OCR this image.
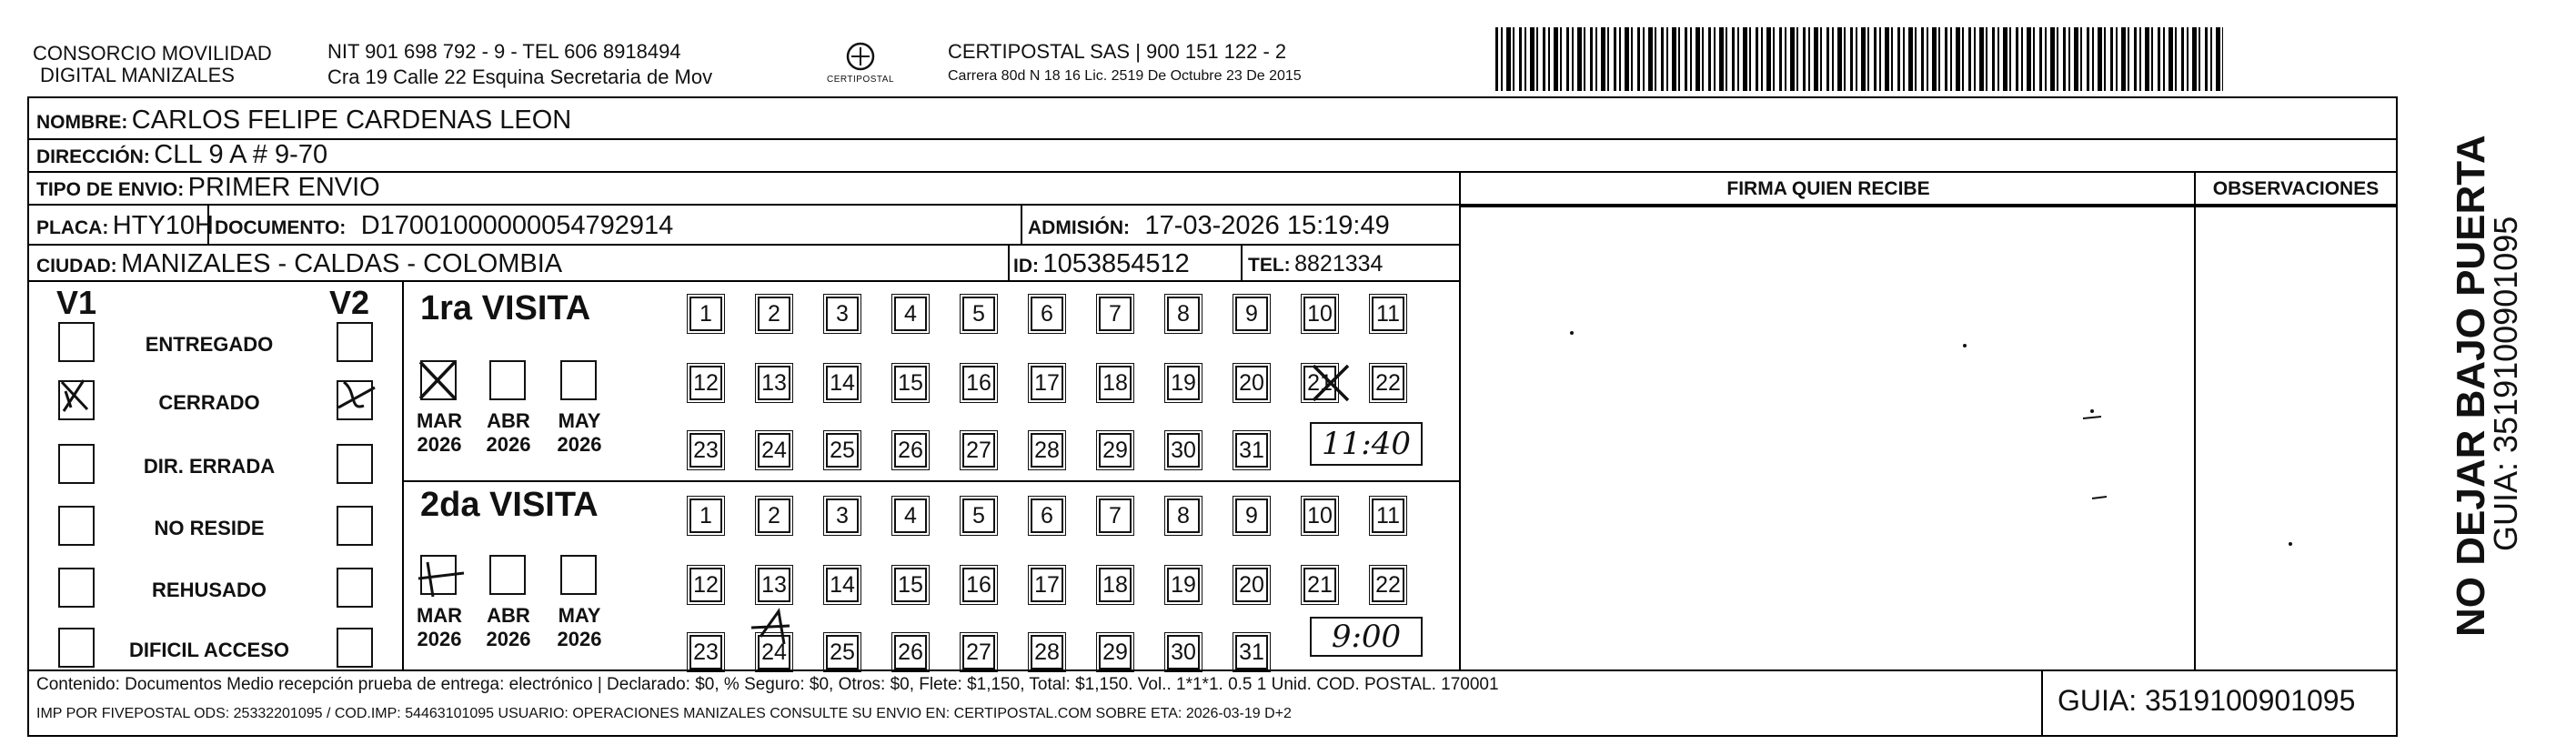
CONSORCIO MOVILIDAD
DIGITAL MANIZALES
NIT 901 698 792 - 9 - TEL 606 8918494
Cra 19 Calle 22 Esquina Secretaria de Mov	CERTIPOSTAL
CERTIPOSTAL SAS | 900 151 122 - 2
Carrera 80d N 18 16 Lic. 2519 De Octubre 23 De 2015
NOMBRE: CARLOS FELIPE CARDENAS LEON
DIRECCIÓN: CLL 9 A # 9-70
TIPO DE ENVIO: PRIMER ENVIO	FIRMA QUIEN RECIBE	OBSERVACIONES
PLACA: HTY10H DOCUMENTO: D17001000000054792914	ADMISIÓN: 17-03-2026 15:19:49
CIUDAD: MANIZALES - CALDAS - COLOMBIA	ID: 1053854512	TEL: 8821334
V1	V2
ENTREGADO
CERRADO
DIR. ERRADA
NO RESIDE
REHUSADO
DIFICIL ACCESO
1ra VISITA
MAR
2026
ABR
2026
MAY
2026
1	2	3	4	5	6	7	8	9	10 11
12 13 14 15 16 17 18 19 20 21 22
23 24 25 26 27 28 29 30 31
2da VISITA
MAR
2026
ABR
2026
MAY
2026
1	2	3	4	5	6	7	8	9	10 11
12 13 14 15 16 17 18 19 20 21 22
23 24 25 26 27 28 29 30 31
11:40
9:00
Contenido: Documentos Medio recepción prueba de entrega: electrónico | Declarado: $0, % Seguro: $0, Otros: $0, Flete: $1,150, Total: $1,150. Vol.. 1*1*1. 0.5 1 Unid. COD. POSTAL. 170001
IMP POR FIVEPOSTAL ODS: 25332201095 / COD.IMP: 54463101095 USUARIO: OPERACIONES MANIZALES CONSULTE SU ENVIO EN: CERTIPOSTAL.COM SOBRE ETA: 2026-03-19 D+2	GUIA: 3519100901095
NO DEJAR BAJO PUERTA
GUIA: 3519100901095
